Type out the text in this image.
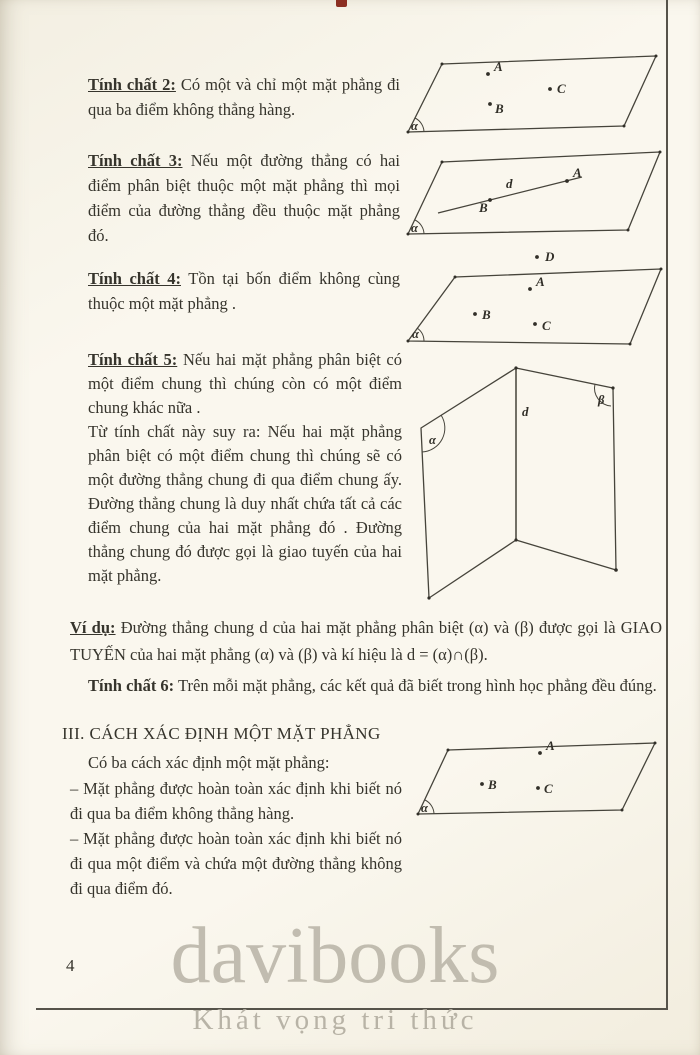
Tính chất 2: Có một và chỉ một mặt phẳng đi qua ba điểm không thẳng hàng.

A
C
B
α

Tính chất 3: Nếu một đường thẳng có hai điểm phân biệt thuộc một mặt phẳng thì mọi điểm của đường thẳng đều thuộc mặt phẳng đó.

A
B
d
α

Tính chất 4: Tồn tại bốn điểm không cùng thuộc một mặt phẳng .

D
A
B
C
α

Tính chất 5: Nếu hai mặt phẳng phân biệt có một điểm chung thì chúng còn có một điểm chung khác nữa .

Từ tính chất này suy ra: Nếu hai mặt phẳng phân biệt có một điểm chung thì chúng sẽ có một đường thẳng chung đi qua điểm chung ấy. Đường thẳng chung là duy nhất chứa tất cả các điểm chung của hai mặt phẳng đó . Đường thẳng chung đó được gọi là giao tuyến của hai mặt phẳng.

α
β
d

Ví dụ: Đường thẳng chung d của hai mặt phẳng phân biệt (α) và (β) được gọi là GIAO TUYẾN của hai mặt phẳng (α) và (β) và kí hiệu là d = (α)∩(β).

Tính chất 6: Trên mỗi mặt phẳng, các kết quả đã biết trong hình học phẳng đều đúng.

III. CÁCH XÁC ĐỊNH MỘT MẶT PHẲNG

Có ba cách xác định một mặt phẳng:

– Mặt phẳng được hoàn toàn xác định khi biết nó đi qua ba điểm không thẳng hàng.

– Mặt phẳng được hoàn toàn xác định khi biết nó đi qua một điểm và chứa một đường thẳng không đi qua điểm đó.

A
B	C
α
4	davibooks
Khát vọng tri thức
